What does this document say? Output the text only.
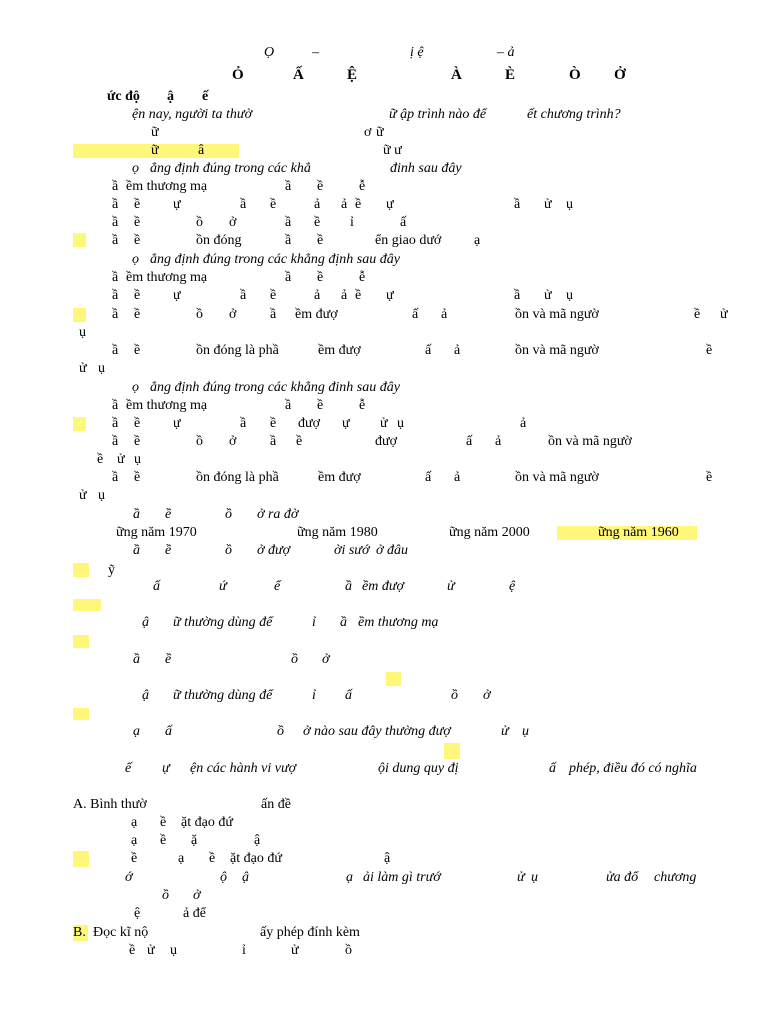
Ọ	–	ị ệ	– ả
Ỏ	Ấ	Ệ	À	È	Ò Ở
ức độ ậ ế
ện nay, người ta thườ	ữ ập trình nào để	ết chương trình?
ữ	ơ ữ
ữ	â	ữ ư
ọ ẳng định đúng trong các khẳ	đinh sau đây
ầ ềm thương mạ	ầ ề	ễ
ầ ề ự	ầ ề	ả ả ề ự	ầ ử ụ
ầ ề	ồ ở	ầ ề ỉ	ấ
ầ ề	ồn đóng	ầ ề	ển giao dướ ạ
ọ ẳng định đúng trong các khẳng định sau đây
ầ ềm thương mạ	ầ ề	ễ
ầ ề ự	ầ ề	ả ả ề ự	ầ ử ụ
ầ ề	ồ ở ầ ềm đượ	ấ ả	ồn và mã ngườ	ề ử
ụ
ầ ề	ồn đóng là phầ	ềm đượ	ấ ả	ồn và mã ngườ	ề
ử ụ
ọ ẳng định đúng trong các khẳng đinh sau đây
ầ ềm thương mạ	ầ ề	ễ
ầ ề ự	ầ ề đượ ự ử ụ	ả
ầ ề	ồ ở ầ ề	đượ	ấ ả	ồn và mã ngườ
ề ử ụ
ầ ề	ồn đóng là phầ	ềm đượ	ấ ả	ồn và mã ngườ	ề
ử ụ
ầ ề	ồ ở ra đờ
ững năm 1970	ững năm 1980	ững năm 2000	ững năm 1960
ầ ề	ồ ở đượ	ời sướ ở đâu
ỹ
ấ	ứ	ể	ầ ềm đượ	ử	ệ
ậ ữ thường dùng để	ỉ ầ ềm thương mạ
ầ ề	ồ ở
ậ ữ thường dùng để	ỉ ấ	ồ ở
ạ ấ	ồ ở nào sau đây thường đượ	ử ụ
ế ự ện các hành vi vượ	ội dung quy đị	ấ phép, điều đó có nghĩa
A. Bình thườ	ấn đề
ạ ề ặt đạo đứ
ạ ề ặ	ậ
ề	ạ ề ặt đạo đứ	ậ
ớ	ộ ậ	ạ ải làm gì trướ	ử ụ	ửa đổ chương
ồ ở
ệ	ả để
B. Đọc kĩ nộ	ấy phép đính kèm
ề ử ụ	ỉ	ử	ồ
